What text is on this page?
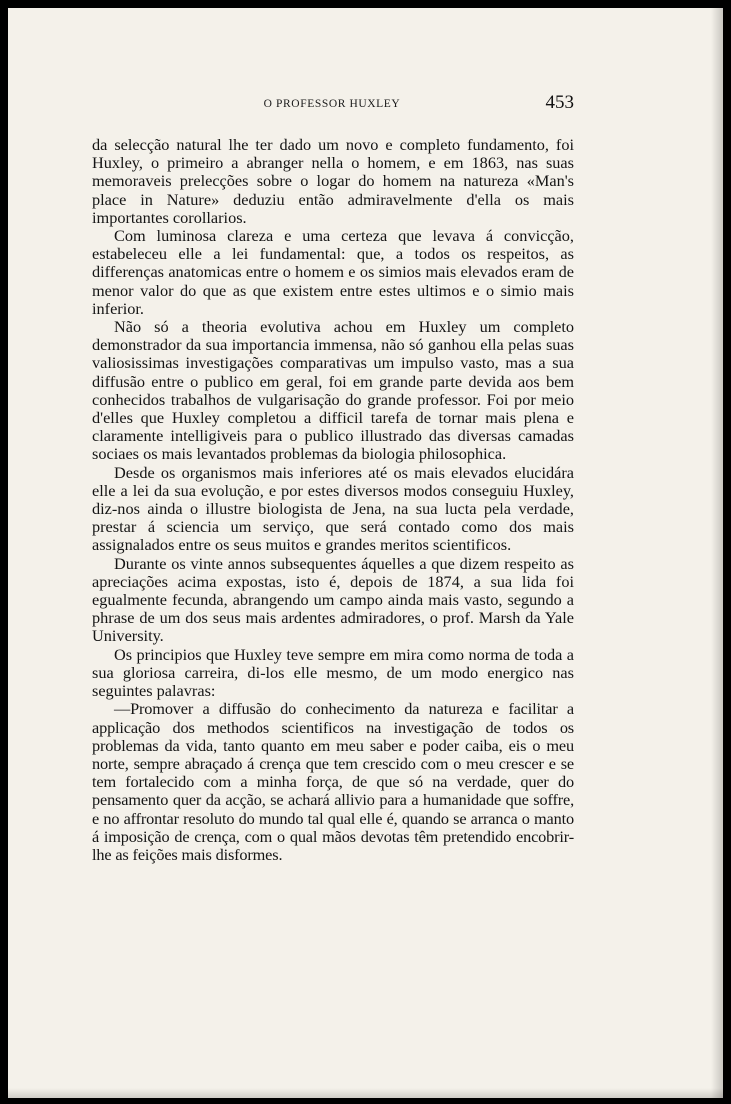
O PROFESSOR HUXLEY	453

da selecção natural lhe ter dado um novo e completo fundamento, foi Huxley, o primeiro a abranger nella o homem, e em 1863, nas suas memoraveis prelecções sobre o logar do homem na natureza «Man's place in Nature» deduziu então admiravelmente d'ella os mais importantes corollarios.

Com luminosa clareza e uma certeza que levava á convicção, estabeleceu elle a lei fundamental: que, a todos os respeitos, as differenças anatomicas entre o homem e os simios mais elevados eram de menor valor do que as que existem entre estes ultimos e o simio mais inferior.

Não só a theoria evolutiva achou em Huxley um completo demonstrador da sua importancia immensa, não só ganhou ella pelas suas valiosissimas investigações comparativas um impulso vasto, mas a sua diffusão entre o publico em geral, foi em grande parte devida aos bem conhecidos trabalhos de vulgarisação do grande professor. Foi por meio d'elles que Huxley completou a difficil tarefa de tornar mais plena e claramente intelligiveis para o publico illustrado das diversas camadas sociaes os mais levantados problemas da biologia philosophica.

Desde os organismos mais inferiores até os mais elevados elucidára elle a lei da sua evolução, e por estes diversos modos conseguiu Huxley, diz-nos ainda o illustre biologista de Jena, na sua lucta pela verdade, prestar á sciencia um serviço, que será contado como dos mais assignalados entre os seus muitos e grandes meritos scientificos.

Durante os vinte annos subsequentes áquelles a que dizem respeito as apreciações acima expostas, isto é, depois de 1874, a sua lida foi egualmente fecunda, abrangendo um campo ainda mais vasto, segundo a phrase de um dos seus mais ardentes admiradores, o prof. Marsh da Yale University.

Os principios que Huxley teve sempre em mira como norma de toda a sua gloriosa carreira, di-los elle mesmo, de um modo energico nas seguintes palavras:

—Promover a diffusão do conhecimento da natureza e facilitar a applicação dos methodos scientificos na investigação de todos os problemas da vida, tanto quanto em meu saber e poder caiba, eis o meu norte, sempre abraçado á crença que tem crescido com o meu crescer e se tem fortalecido com a minha força, de que só na verdade, quer do pensamento quer da acção, se achará allivio para a humanidade que soffre, e no affrontar resoluto do mundo tal qual elle é, quando se arranca o manto á imposição de crença, com o qual mãos devotas têm pretendido encobrir-lhe as feições mais disformes.
